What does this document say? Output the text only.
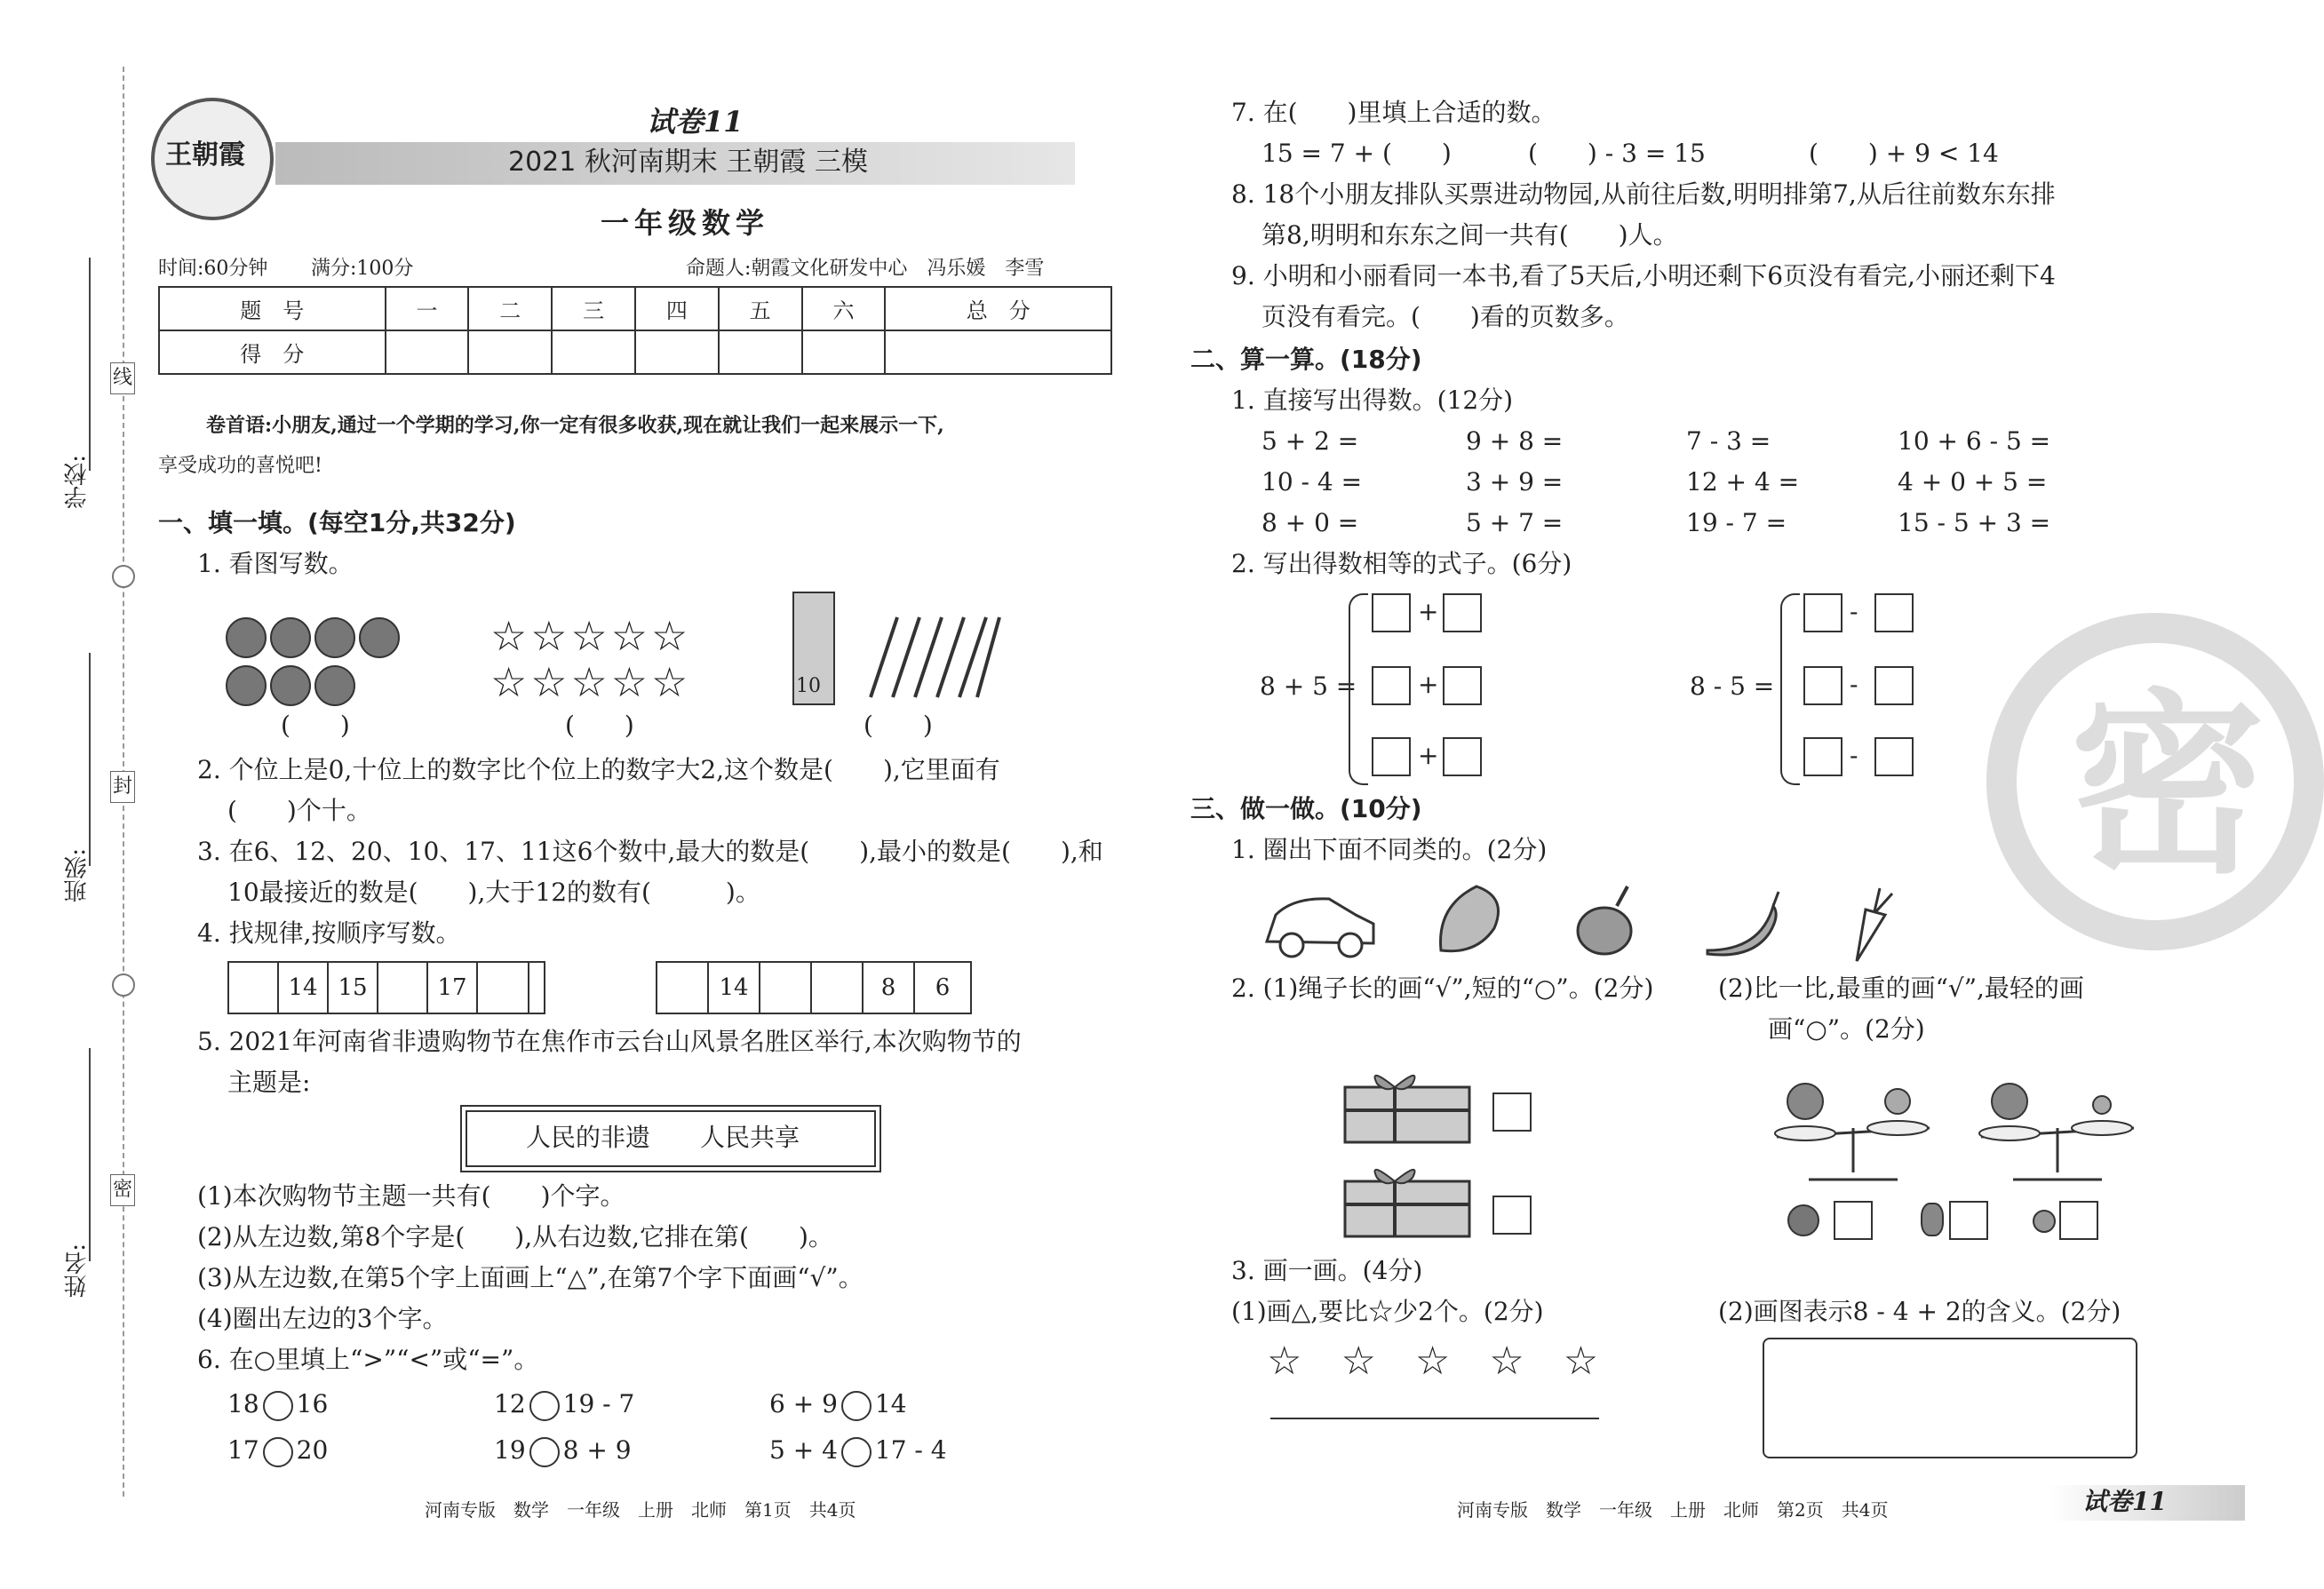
学校:
班级:
姓名:
线
封
密
王朝霞
试卷11
2021 秋河南期末 王朝霞 三模
一年级数学
时间:60分钟 满分:100分	命题人:朝霞文化研发中心　冯乐媛　李雪
题　号	一	二	三	四	五	六	总　分
得　分							
卷首语:小朋友,通过一个学期的学习,你一定有很多收获,现在就让我们一起来展示一下,
享受成功的喜悦吧!
一、填一填。(每空1分,共32分)
1. 看图写数。
(　　)
☆☆☆☆☆
☆☆☆☆☆
(　　)
10
(　　)
2. 个位上是0,十位上的数字比个位上的数字大2,这个数是(　　),它里面有
(　　)个十。
3. 在6、12、20、10、17、11这6个数中,最大的数是(　　),最小的数是(　　),和
10最接近的数是(　　),大于12的数有(　　　)。
4. 找规律,按顺序写数。
14 15	17	14	8	6
5. 2021年河南省非遗购物节在焦作市云台山风景名胜区举行,本次购物节的
主题是:
人民的非遗　　人民共享
(1)本次购物节主题一共有(　　)个字。
(2)从左边数,第8个字是(　　),从右边数,它排在第(　　)。
(3)从左边数,在第5个字上面画上“△”,在第7个字下面画“√”。
(4)圈出左边的3个字。
6. 在○里填上“>”“<”或“=”。
18 16	12 19 - 7	6 + 9 14
17 20	19 8 + 9	5 + 4 17 - 4
河南专版　数学　一年级　上册　北师　第1页　共4页
7. 在(　　)里填上合适的数。
15 = 7 + (　　)	(　　) - 3 = 15	(　　) + 9 < 14
8. 18个小朋友排队买票进动物园,从前往后数,明明排第7,从后往前数东东排
第8,明明和东东之间一共有(　　)人。
9. 小明和小丽看同一本书,看了5天后,小明还剩下6页没有看完,小丽还剩下4
页没有看完。(　　)看的页数多。
二、算一算。(18分)
1. 直接写出得数。(12分)
5 + 2 =	9 + 8 =	7 - 3 =	10 + 6 - 5 =
10 - 4 =	3 + 9 =	12 + 4 =	4 + 0 + 5 =
8 + 0 =	5 + 7 =	19 - 7 =	15 - 5 + 3 =
2. 写出得数相等的式子。(6分)
8 + 5 =
+
+
+
8 - 5 =
-
-
- 密
三、做一做。(10分)
1. 圈出下面不同类的。(2分)
2. (1)绳子长的画“√”,短的“○”。(2分)	(2)比一比,最重的画“√”,最轻的画
画“○”。(2分)
3. 画一画。(4分)
(1)画△,要比☆少2个。(2分)	(2)画图表示8 - 4 + 2的含义。(2分)
☆　☆　☆　☆　☆
河南专版　数学　一年级　上册　北师　第2页　共4页	试卷11
